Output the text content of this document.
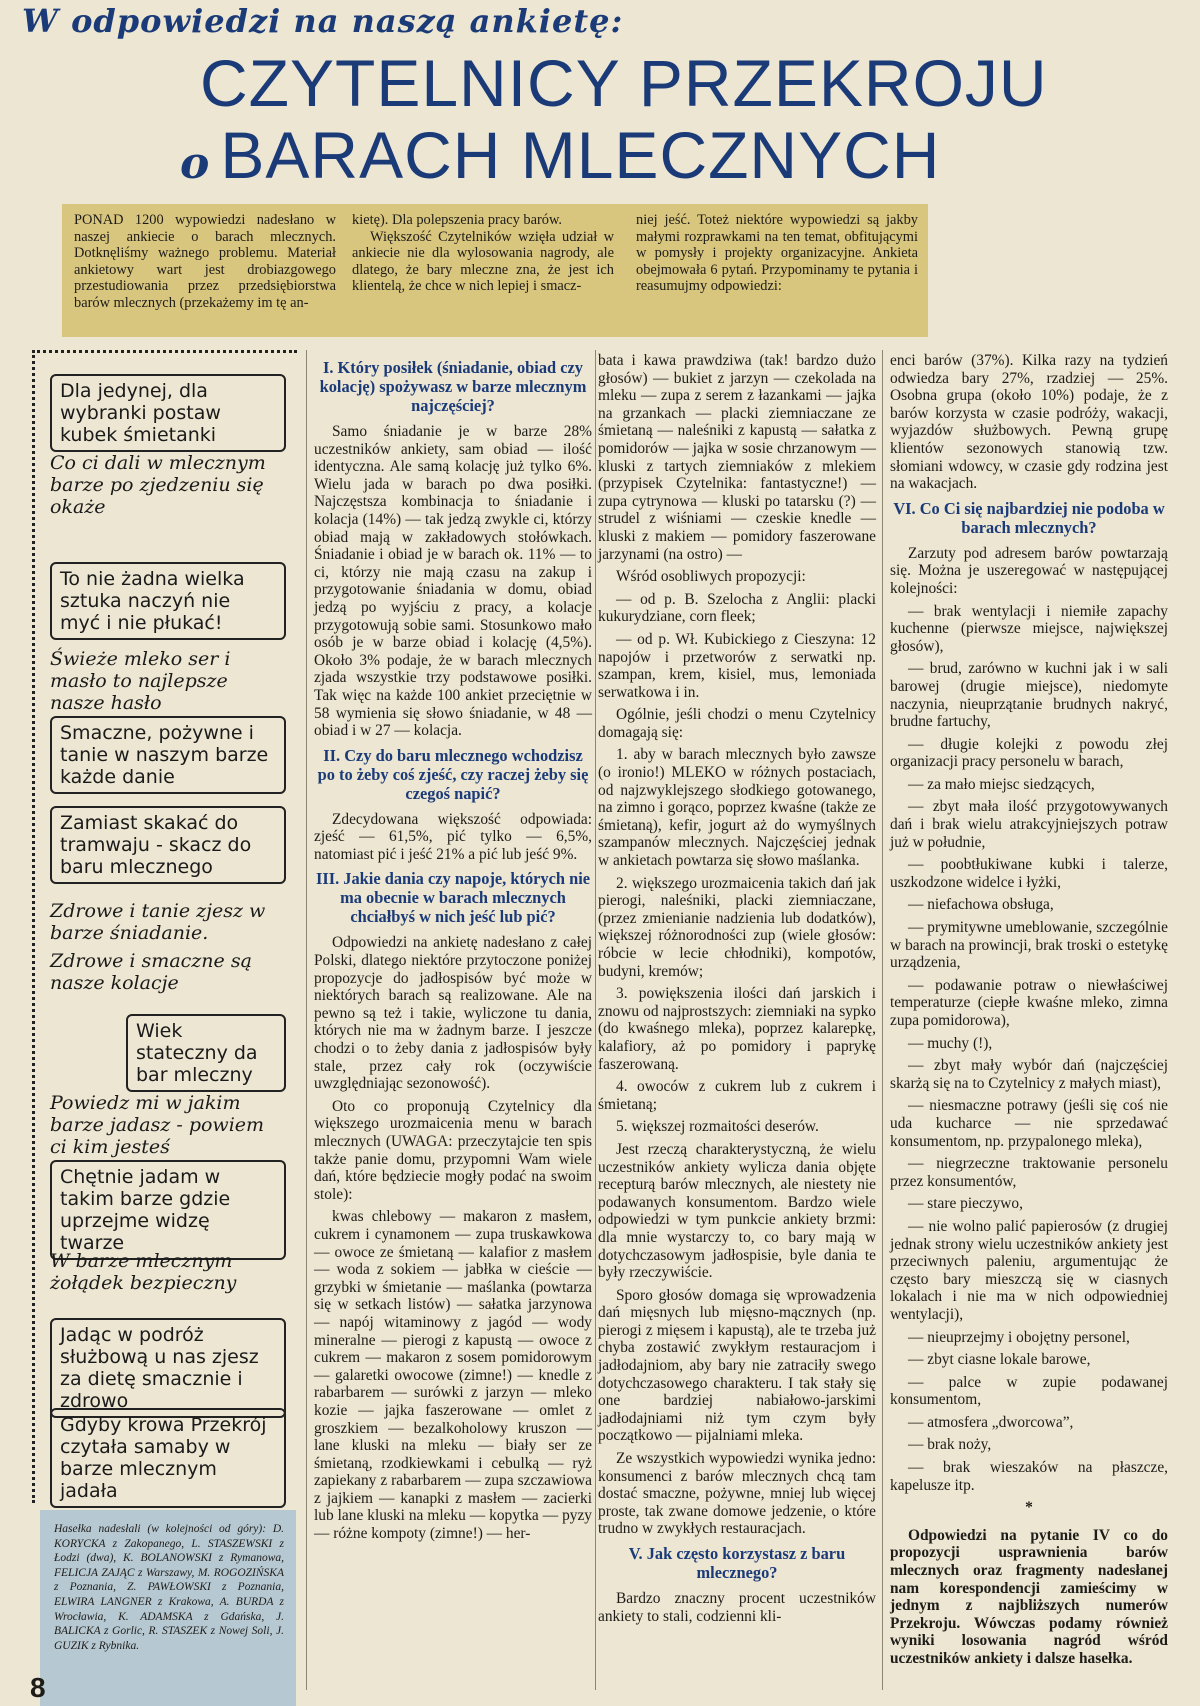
W odpowiedzi na naszą ankietę:
CZYTELNICY PRZEKROJU
o BARACH MLECZNYCH

PONAD 1200 wypowiedzi nadesłano w naszej ankiecie o barach mlecznych. Dotknęliśmy ważnego problemu. Materiał ankietowy wart jest drobiazgowego przestudiowania przez przedsiębiorstwa barów mlecznych (przekażemy im tę an-

kietę). Dla polepszenia pracy barów.

Większość Czytelników wzięła udział w ankiecie nie dla wylosowania nagrody, ale dlatego, że bary mleczne zna, że jest ich klientelą, że chce w nich lepiej i smacz-

niej jeść. Toteż niektóre wypowiedzi są jakby małymi rozprawkami na ten temat, obfitującymi w pomysły i projekty organizacyjne. Ankieta obejmowała 6 pytań. Przypominamy te pytania i reasumujmy odpowiedzi:

Dla jedynej, dla wybranki postaw kubek śmietanki
Co ci dali w mlecznym barze po zjedzeniu się okaże
To nie żadna wielka sztuka naczyń nie myć i nie płukać!
Świeże mleko ser i masło to najlepsze nasze hasło
Smaczne, pożywne i tanie w naszym barze każde danie
Zamiast skakać do tramwaju - skacz do baru mlecznego
Zdrowe i tanie zjesz w barze śniadanie.
Zdrowe i smaczne są nasze kolacje
Wiek stateczny da bar mleczny
Powiedz mi w jakim barze jadasz - powiem ci kim jesteś
Chętnie jadam w takim barze gdzie uprzejme widzę twarze
W barze mlecznym żołądek bezpieczny
Jadąc w podróż służbową u nas zjesz za dietę smacznie i zdrowo
Gdyby krowa Przekrój czytała samaby w barze mlecznym jadała
Hasełka nadesłali (w kolejności od góry): D. KORYCKA z Zakopanego, L. STASZEWSKI z Łodzi (dwa), K. BOLANOWSKI z Rymanowa, FELICJA ZAJĄC z Warszawy, M. ROGOZIŃSKA z Poznania, Z. PAWŁOWSKI z Poznania, ELWIRA LANGNER z Krakowa, A. BURDA z Wrocławia, K. ADAMSKA z Gdańska, J. BALICKA z Gorlic, R. STASZEK z Nowej Soli, J. GUZIK z Rybnika.
8
I. Który posiłek (śniadanie, obiad czy kolację) spożywasz w barze mlecznym najczęściej?

Samo śniadanie je w barze 28% uczestników ankiety, sam obiad — ilość identyczna. Ale samą kolację już tylko 6%. Wielu jada w barach po dwa posiłki. Najczęstsza kombinacja to śniadanie i kolacja (14%) — tak jedzą zwykle ci, którzy obiad mają w zakładowych stołówkach. Śniadanie i obiad je w barach ok. 11% — to ci, którzy nie mają czasu na zakup i przygotowanie śniadania w domu, obiad jedzą po wyjściu z pracy, a kolacje przygotowują sobie sami. Stosunkowo mało osób je w barze obiad i kolację (4,5%). Około 3% podaje, że w barach mlecznych zjada wszystkie trzy podstawowe posiłki. Tak więc na każde 100 ankiet przeciętnie w 58 wymienia się słowo śniadanie, w 48 — obiad i w 27 — kolacja.

II. Czy do baru mlecznego wchodzisz po to żeby coś zjeść, czy raczej żeby się czegoś napić?

Zdecydowana większość odpowiada: zjeść — 61,5%, pić tylko — 6,5%, natomiast pić i jeść 21% a pić lub jeść 9%.

III. Jakie dania czy napoje, których nie ma obecnie w barach mlecznych chciałbyś w nich jeść lub pić?

Odpowiedzi na ankietę nadesłano z całej Polski, dlatego niektóre przytoczone poniżej propozycje do jadłospisów być może w niektórych barach są realizowane. Ale na pewno są też i takie, wyliczone tu dania, których nie ma w żadnym barze. I jeszcze chodzi o to żeby dania z jadłospisów były stale, przez cały rok (oczywiście uwzględniając sezonowość).

Oto co proponują Czytelnicy dla większego urozmaicenia menu w barach mlecznych (UWAGA: przeczytajcie ten spis także panie domu, przypomni Wam wiele dań, które będziecie mogły podać na swoim stole):

kwas chlebowy — makaron z masłem, cukrem i cynamonem — zupa truskawkowa — owoce ze śmietaną — kalafior z masłem — woda z sokiem — jabłka w cieście — grzybki w śmietanie — maślanka (powtarza się w setkach listów) — sałatka jarzynowa — napój witaminowy z jagód — wody mineralne — pierogi z kapustą — owoce z cukrem — makaron z sosem pomidorowym — galaretki owocowe (zimne!) — knedle z rabarbarem — surówki z jarzyn — mleko kozie — jajka faszerowane — omlet z groszkiem — bezalkoholowy kruszon — lane kluski na mleku — biały ser ze śmietaną, rzodkiewkami i cebulką — ryż zapiekany z rabarbarem — zupa szczawiowa z jajkiem — kanapki z masłem — zacierki lub lane kluski na mleku — kopytka — pyzy — różne kompoty (zimne!) — her-

bata i kawa prawdziwa (tak! bardzo dużo głosów) — bukiet z jarzyn — czekolada na mleku — zupa z serem z łazankami — jajka na grzankach — placki ziemniaczane ze śmietaną — naleśniki z kapustą — sałatka z pomidorów — jajka w sosie chrzanowym — kluski z tartych ziemniaków z mlekiem (przypisek Czytelnika: fantastyczne!) — zupa cytrynowa — kluski po tatarsku (?) — strudel z wiśniami — czeskie knedle — kluski z makiem — pomidory faszerowane jarzynami (na ostro) —

Wśród osobliwych propozycji:

— od p. B. Szelocha z Anglii: placki kukurydziane, corn fleek;

— od p. Wł. Kubickiego z Cieszyna: 12 napojów i przetworów z serwatki np. szampan, krem, kisiel, mus, lemoniada serwatkowa i in.

Ogólnie, jeśli chodzi o menu Czytelnicy domagają się:

1. aby w barach mlecznych było zawsze (o ironio!) MLEKO w różnych postaciach, od najzwyklejszego słodkiego gotowanego, na zimno i gorąco, poprzez kwaśne (także ze śmietaną), kefir, jogurt aż do wymyślnych szampanów mlecznych. Najczęściej jednak w ankietach powtarza się słowo maślanka.

2. większego urozmaicenia takich dań jak pierogi, naleśniki, placki ziemniaczane, (przez zmienianie nadzienia lub dodatków), większej różnorodności zup (wiele głosów: róbcie w lecie chłodniki), kompotów, budyni, kremów;

3. powiększenia ilości dań jarskich i znowu od najprostszych: ziemniaki na sypko (do kwaśnego mleka), poprzez kalarepkę, kalafiory, aż po pomidory i paprykę faszerowaną.

4. owoców z cukrem lub z cukrem i śmietaną;

5. większej rozmaitości deserów.

Jest rzeczą charakterystyczną, że wielu uczestników ankiety wylicza dania objęte recepturą barów mlecznych, ale niestety nie podawanych konsumentom. Bardzo wiele odpowiedzi w tym punkcie ankiety brzmi: dla mnie wystarczy to, co bary mają w dotychczasowym jadłospisie, byle dania te były rzeczywiście.

Sporo głosów domaga się wprowadzenia dań mięsnych lub mięsno-mącznych (np. pierogi z mięsem i kapustą), ale te trzeba już chyba zostawić zwykłym restauracjom i jadłodajniom, aby bary nie zatraciły swego dotychczasowego charakteru. I tak stały się one bardziej nabiałowo-jarskimi jadłodajniami niż tym czym były początkowo — pijalniami mleka.

Ze wszystkich wypowiedzi wynika jedno: konsumenci z barów mlecznych chcą tam dostać smaczne, pożywne, mniej lub więcej proste, tak zwane domowe jedzenie, o które trudno w zwykłych restauracjach.

V. Jak często korzystasz z baru mlecznego?

Bardzo znaczny procent uczestników ankiety to stali, codzienni kli-

enci barów (37%). Kilka razy na tydzień odwiedza bary 27%, rzadziej — 25%. Osobna grupa (około 10%) podaje, że z barów korzysta w czasie podróży, wakacji, wyjazdów służbowych. Pewną grupę klientów sezonowych stanowią tzw. słomiani wdowcy, w czasie gdy rodzina jest na wakacjach.

VI. Co Ci się najbardziej nie podoba w barach mlecznych?

Zarzuty pod adresem barów powtarzają się. Można je uszeregować w następującej kolejności:

— brak wentylacji i niemiłe zapachy kuchenne (pierwsze miejsce, największej głosów),

— brud, zarówno w kuchni jak i w sali barowej (drugie miejsce), niedomyte naczynia, nieuprzątanie brudnych nakryć, brudne fartuchy,

— długie kolejki z powodu złej organizacji pracy personelu w barach,

— za mało miejsc siedzących,

— zbyt mała ilość przygotowywanych dań i brak wielu atrakcyjniejszych potraw już w południe,

— poobtłukiwane kubki i talerze, uszkodzone widelce i łyżki,

— niefachowa obsługa,

— prymitywne umeblowanie, szczególnie w barach na prowincji, brak troski o estetykę urządzenia,

— podawanie potraw o niewłaściwej temperaturze (ciepłe kwaśne mleko, zimna zupa pomidorowa),

— muchy (!),

— zbyt mały wybór dań (najczęściej skarżą się na to Czytelnicy z małych miast),

— niesmaczne potrawy (jeśli się coś nie uda kucharce — nie sprzedawać konsumentom, np. przypalonego mleka),

— niegrzeczne traktowanie personelu przez konsumentów,

— stare pieczywo,

— nie wolno palić papierosów (z drugiej jednak strony wielu uczestników ankiety jest przeciwnych paleniu, argumentując że często bary mieszczą się w ciasnych lokalach i nie ma w nich odpowiedniej wentylacji),

— nieuprzejmy i obojętny personel,

— zbyt ciasne lokale barowe,

— palce w zupie podawanej konsumentom,

— atmosfera „dworcowa”,

— brak noży,

— brak wieszaków na płaszcze, kapelusze itp.

*

Odpowiedzi na pytanie IV co do propozycji usprawnienia barów mlecznych oraz fragmenty nadesłanej nam korespondencji zamieścimy w jednym z najbliższych numerów Przekroju. Wówczas podamy również wyniki losowania nagród wśród uczestników ankiety i dalsze hasełka.
